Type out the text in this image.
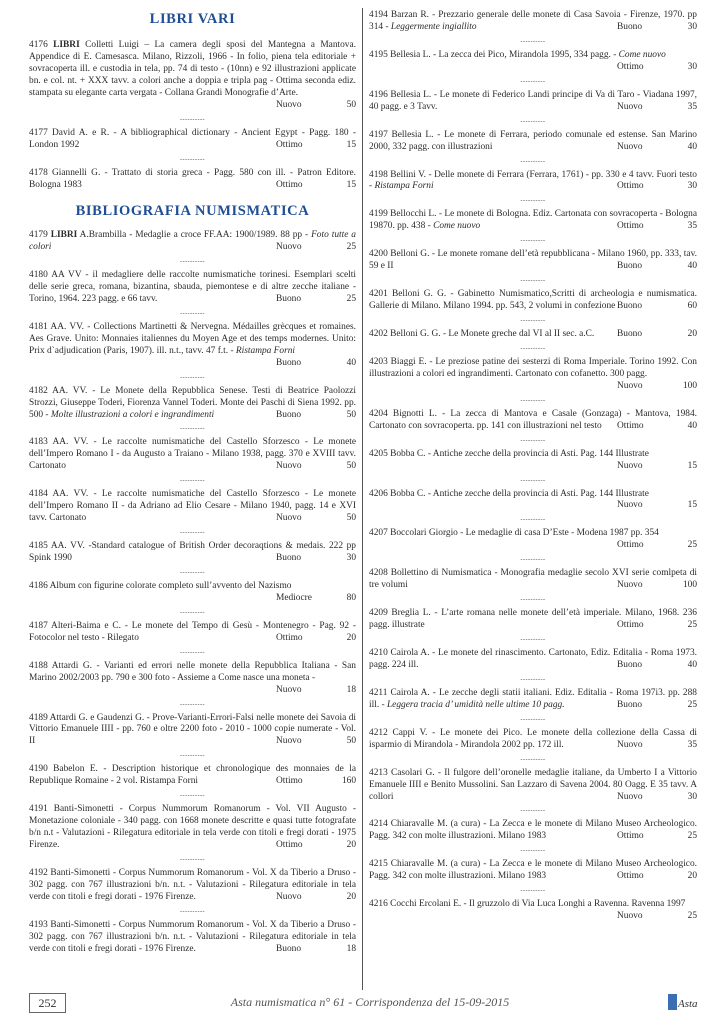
LIBRI VARI
4176 LIBRI Colletti Luigi – La camera degli sposi del Mantegna a Mantova. Appendice di E. Camesasca. Milano, Rizzoli, 1966 - In folio, piena tela editoriale + sovracoperta ill. e custodia in tela, pp. 74 di testo - (10nn) e 92 illustrazioni applicate bn. e col. nt. + XXX tavv. a colori anche a doppia e tripla pag - Ottima seconda ediz. stampata su elegante carta vergata - Collana Grandi Monografie d’Arte.
Nuovo	50
----------
4177 David A. e R. - A bibliographical dictionary - Ancient Egypt - Pagg. 180 - London 1992	Ottimo	15
----------
4178 Giannelli G. - Trattato di storia greca - Pagg. 580 con ill. - Patron Editore. Bologna 1983	Ottimo	15
BIBLIOGRAFIA NUMISMATICA
4179 LIBRI A.Brambilla - Medaglie a croce FF.AA: 1900/1989. 88 pp - Foto tutte a colori	Nuovo	25
----------
4180 AA VV - il medagliere delle raccolte numismatiche torinesi. Esemplari scelti delle serie greca, romana, bizantina, sbauda, piemontese e di altre zecche italiane - Torino, 1964. 223 pagg. e 66 tavv.	Buono	25
----------
4181 AA. VV. - Collections Martinetti & Nervegna. Médailles grècques et romaines. Aes Grave. Unito: Monnaies italiennes du Moyen Age et des temps modernes. Unito: Prix d`adjudication (Paris, 1907). ill. n.t., tavv. 47 f.t. - Ristampa Forni
Buono	40
----------
4182 AA. VV. - Le Monete della Repubblica Senese. Testi di Beatrice Paolozzi Strozzi, Giuseppe Toderi, Fiorenza Vannel Toderi. Monte dei Paschi di Siena 1992. pp. 500 - Molte illustrazioni a colori e ingrandimenti	Buono	50
----------
4183 AA. VV. - Le raccolte numismatiche del Castello Sforzesco - Le monete dell’Impero Romano I - da Augusto a Traiano - Milano 1938, pagg. 370 e XVIII tavv. Cartonato	Nuovo	50
----------
4184 AA. VV. - Le raccolte numismatiche del Castello Sforzesco - Le monete dell’Impero Romano II - da Adriano ad Elio Cesare - Milano 1940, pagg. 14 e XVI tavv. Cartonato	Nuovo	50
----------
4185 AA. VV. -Standard catalogue of British Order decoraqtions & medais. 222 pp Spink 1990	Buono	30
----------
4186 Album con figurine colorate completo sull’avvento del Nazismo
Mediocre	80
----------
4187 Alteri-Baima e C. - Le monete del Tempo di Gesù - Montenegro - Pag. 92 - Fotocolor nel testo - Rilegato	Ottimo	20
----------
4188 Attardi G. - Varianti ed errori nelle monete della Repubblica Italiana - San Marino 2002/2003 pp. 790 e 300 foto - Assieme a Come nasce una moneta -
Nuovo	18
----------
4189 Attardi G. e Gaudenzi G. - Prove-Varianti-Errori-Falsi nelle monete dei Savoia di Vittorio Emanuele IIII - pp. 760 e oltre 2200 foto - 2010 - 1000 copie numerate - Vol. II	Nuovo	50
----------
4190 Babelon E. - Description historique et chronologique des monnaies de la Republique Romaine - 2 vol. Ristampa Forni	Ottimo	160
----------
4191 Banti-Simonetti - Corpus Nummorum Romanorum - Vol. VII Augusto - Monetazione coloniale - 340 pagg. con 1668 monete descritte e quasi tutte fotografate b/n n.t - Valutazioni - Rilegatura editoriale in tela verde con titoli e fregi dorati - 1975 Firenze.	Ottimo	20
----------
4192 Banti-Simonetti - Corpus Nummorum Romanorum - Vol. X da Tiberio a Druso - 302 pagg. con 767 illustrazioni b/n. n.t. - Valutazioni - Rilegatura editoriale in tela verde con titoli e fregi dorati - 1976 Firenze.	Nuovo	20
----------
4193 Banti-Simonetti - Corpus Nummorum Romanorum - Vol. X da Tiberio a Druso - 302 pagg. con 767 illustrazioni b/n. n.t. - Valutazioni - Rilegatura editoriale in tela verde con titoli e fregi dorati - 1976 Firenze.	Buono	18
4194 Barzan R. - Prezzario generale delle monete di Casa Savoia - Firenze, 1970. pp 314 - Leggermente ingiallito	Buono	30
----------
4195 Bellesia L. - La zecca dei Pico, Mirandola 1995, 334 pagg. - Come nuovo
Ottimo	30
----------
4196 Bellesia L. - Le monete di Federico Landi principe di Va di Taro - Viadana 1997, 40 pagg. e 3 Tavv.	Nuovo	35
----------
4197 Bellesia L. - Le monete di Ferrara, periodo comunale ed estense. San Marino 2000, 332 pagg. con illustrazioni	Nuovo	40
----------
4198 Bellini V. - Delle monete di Ferrara (Ferrara, 1761) - pp. 330 e 4 tavv. Fuori testo - Ristampa Forni	Ottimo	30
----------
4199 Bellocchi L. - Le monete di Bologna. Ediz. Cartonata con sovracoperta - Bologna 19870. pp. 438 - Come nuovo	Ottimo	35
----------
4200 Belloni G. - Le monete romane dell’età repubblicana - Milano 1960, pp. 333, tav. 59 e II	Buono	40
----------
4201 Belloni G. G. - Gabinetto Numismatico,Scritti di archeologia e numismatica. Gallerie di Milano. Milano 1994. pp. 543, 2 volumi in confezione Buono	60
----------
4202 Belloni G. G. - Le Monete greche dal VI al II sec. a.C. Buono	20
----------
4203 Biaggi E. - Le preziose patine dei sesterzi di Roma Imperiale. Torino 1992. Con illustrazioni a colori ed ingrandimenti. Cartonato con cofanetto. 300 pagg.
Nuovo	100
----------
4204 Bignotti L. - La zecca di Mantova e Casale (Gonzaga) - Mantova, 1984. Cartonato con sovracoperta. pp. 141 con illustrazioni nel testo Ottimo	40
----------
4205 Bobba C. - Antiche zecche della provincia di Asti. Pag. 144 Illustrate
Nuovo	15
----------
4206 Bobba C. - Antiche zecche della provincia di Asti. Pag. 144 Illustrate
Nuovo	15
----------
4207 Boccolari Giorgio - Le medaglie di casa D’Este - Modena 1987 pp. 354
Ottimo	25
----------
4208 Bollettino di Numismatica - Monografia medaglie secolo XVI serie comlpeta di tre volumi	Nuovo	100
----------
4209 Breglia L. - L’arte romana nelle monete dell’età imperiale. Milano, 1968. 236 pagg. illustrate	Ottimo	25
----------
4210 Cairola A. - Le monete del rinascimento. Cartonato, Ediz. Editalia - Roma 1973. pagg. 224 ill.	Buono	40
----------
4211 Cairola A. - Le zecche degli statii italiani. Ediz. Editalia - Roma 197i3. pp. 288 ill. - Leggera tracia d’ umidità nelle ultime 10 pagg.	Buono	25
----------
4212 Cappi V. - Le monete dei Pico. Le monete della collezione della Cassa di isparmio di Mirandola - Mirandola 2002 pp. 172 ill.	Nuovo	35
----------
4213 Casolari G. - Il fulgore dell’oronelle medaglie italiane, da Umberto I a Vittorio Emanuele IIII e Benito Mussolini. San Lazzaro di Savena 2004. 80 Oagg. E 35 tavv. A collori	Nuovo	30
----------
4214 Chiaravalle M. (a cura) - La Zecca e le monete di Milano Museo Archeologico. Pagg. 342 con molte illustrazioni. Milano 1983	Ottimo	25
----------
4215 Chiaravalle M. (a cura) - La Zecca e le monete di Milano Museo Archeologico. Pagg. 342 con molte illustrazioni. Milano 1983	Ottimo	20
----------
4216 Cocchi Ercolani E. - Il gruzzolo di Via Luca Longhi a Ravenna. Ravenna 1997
Nuovo	25
252	Asta numismatica n° 61 - Corrispondenza del 15-09-2015	Asta
